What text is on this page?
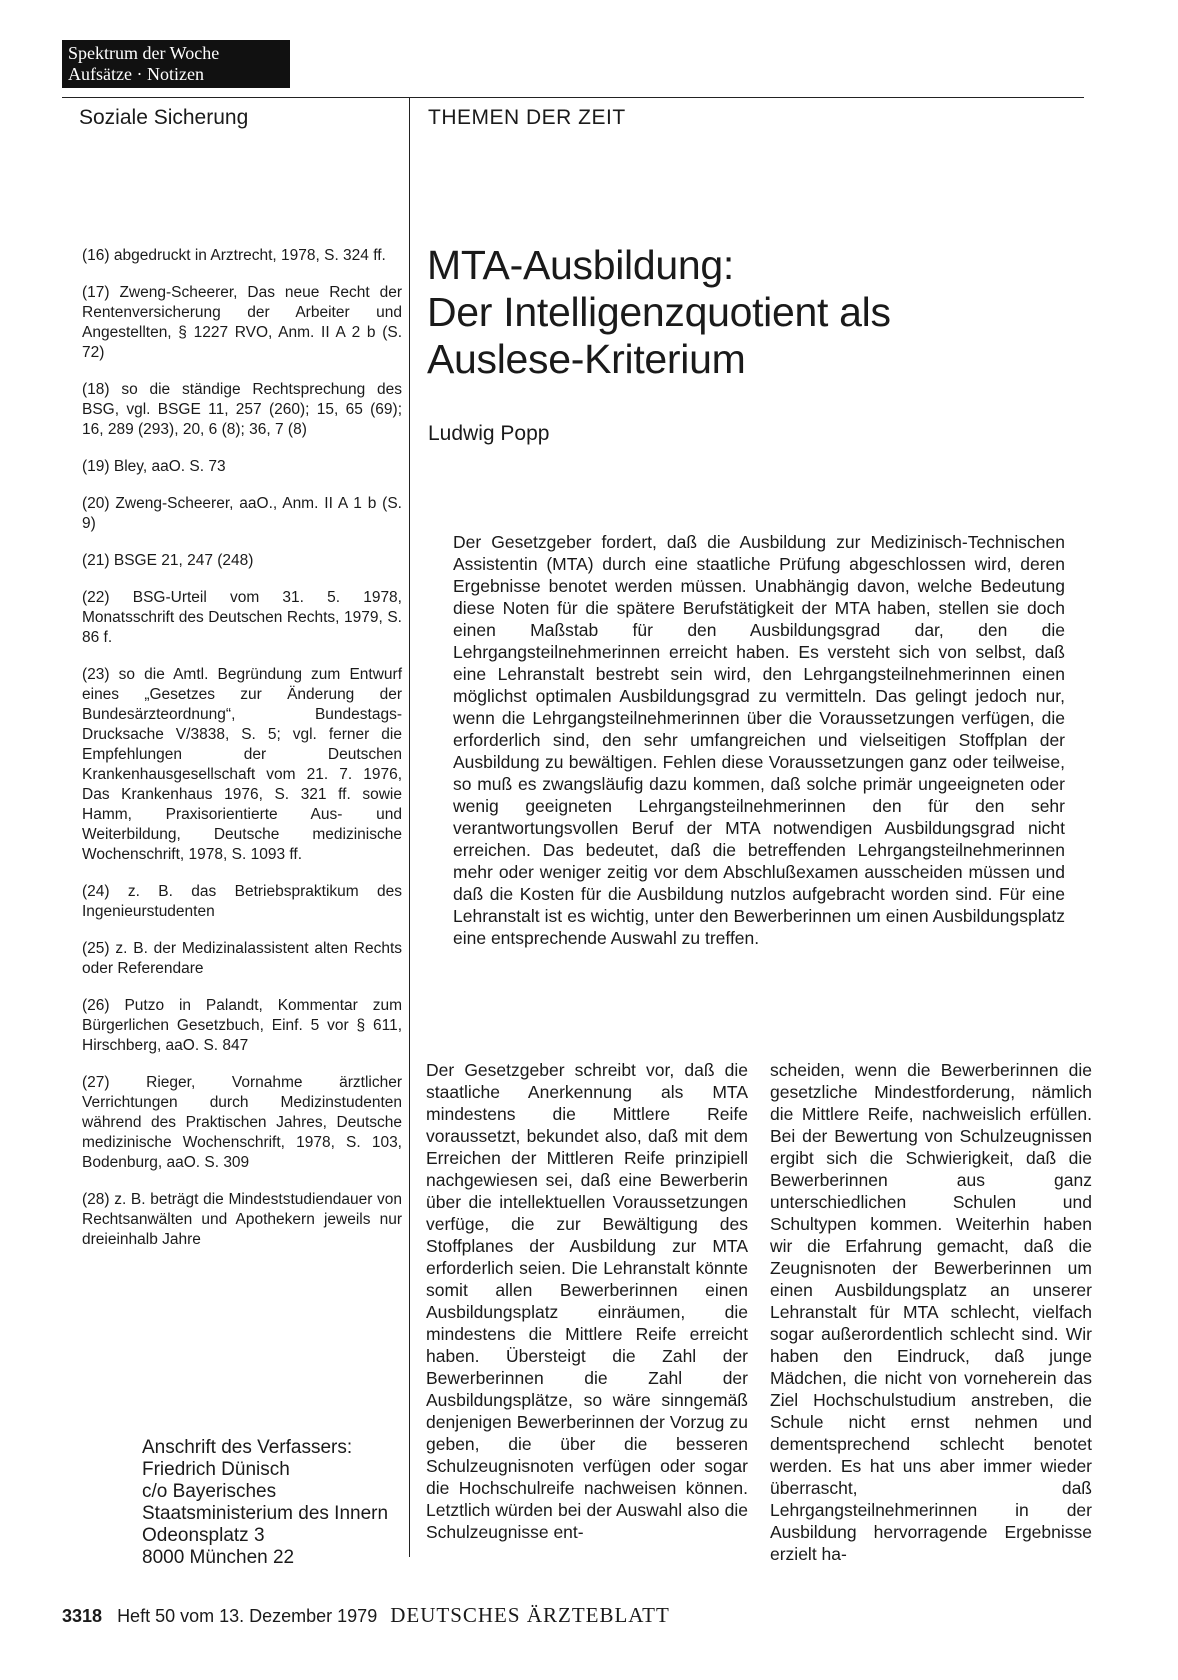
Spektrum der Woche
Aufsätze · Notizen
Soziale Sicherung	THEMEN DER ZEIT

(16) abgedruckt in Arztrecht, 1978, S. 324 ff.

(17) Zweng-Scheerer, Das neue Recht der Rentenversicherung der Arbeiter und Angestellten, § 1227 RVO, Anm. II A 2 b (S. 72)

(18) so die ständige Rechtsprechung des BSG, vgl. BSGE 11, 257 (260); 15, 65 (69); 16, 289 (293), 20, 6 (8); 36, 7 (8)

(19) Bley, aaO. S. 73

(20) Zweng-Scheerer, aaO., Anm. II A 1 b (S. 9)

(21) BSGE 21, 247 (248)

(22) BSG-Urteil vom 31. 5. 1978, Monatsschrift des Deutschen Rechts, 1979, S. 86 f.

(23) so die Amtl. Begründung zum Entwurf eines „Gesetzes zur Änderung der Bundesärzteordnung“, Bundestags-Drucksache V/3838, S. 5; vgl. ferner die Empfehlungen der Deutschen Krankenhausgesellschaft vom 21. 7. 1976, Das Krankenhaus 1976, S. 321 ff. sowie Hamm, Praxisorientierte Aus- und Weiterbildung, Deutsche medizinische Wochenschrift, 1978, S. 1093 ff.

(24) z. B. das Betriebspraktikum des Ingenieurstudenten

(25) z. B. der Medizinalassistent alten Rechts oder Referendare

(26) Putzo in Palandt, Kommentar zum Bürgerlichen Gesetzbuch, Einf. 5 vor § 611, Hirschberg, aaO. S. 847

(27) Rieger, Vornahme ärztlicher Verrichtungen durch Medizinstudenten während des Praktischen Jahres, Deutsche medizinische Wochenschrift, 1978, S. 103, Bodenburg, aaO. S. 309

(28) z. B. beträgt die Mindeststudiendauer von Rechtsanwälten und Apothekern jeweils nur dreieinhalb Jahre

Anschrift des Verfassers:
Friedrich Dünisch
c/o Bayerisches
Staatsministerium des Innern
Odeonsplatz 3
8000 München 22
MTA-Ausbildung:
Der Intelligenzquotient als
Auslese-Kriterium
Ludwig Popp
Der Gesetzgeber fordert, daß die Ausbildung zur Medizinisch-Technischen Assistentin (MTA) durch eine staatliche Prüfung abgeschlossen wird, deren Ergebnisse benotet werden müssen. Unabhängig davon, welche Bedeutung diese Noten für die spätere Berufstätigkeit der MTA haben, stellen sie doch einen Maßstab für den Ausbildungsgrad dar, den die Lehrgangsteilnehmerinnen erreicht haben. Es versteht sich von selbst, daß eine Lehranstalt bestrebt sein wird, den Lehrgangsteilnehmerinnen einen möglichst optimalen Ausbildungsgrad zu vermitteln. Das gelingt jedoch nur, wenn die Lehrgangsteilnehmerinnen über die Voraussetzungen verfügen, die erforderlich sind, den sehr umfangreichen und vielseitigen Stoffplan der Ausbildung zu bewältigen. Fehlen diese Voraussetzungen ganz oder teilweise, so muß es zwangsläufig dazu kommen, daß solche primär ungeeigneten oder wenig geeigneten Lehrgangsteilnehmerinnen den für den sehr verantwortungsvollen Beruf der MTA notwendigen Ausbildungsgrad nicht erreichen. Das bedeutet, daß die betreffenden Lehrgangsteilnehmerinnen mehr oder weniger zeitig vor dem Abschlußexamen ausscheiden müssen und daß die Kosten für die Ausbildung nutzlos aufgebracht worden sind. Für eine Lehranstalt ist es wichtig, unter den Bewerberinnen um einen Ausbildungsplatz eine entsprechende Auswahl zu treffen.
Der Gesetzgeber schreibt vor, daß die staatliche Anerkennung als MTA mindestens die Mittlere Reife voraussetzt, bekundet also, daß mit dem Erreichen der Mittleren Reife prinzipiell nachgewiesen sei, daß eine Bewerberin über die intellektuellen Voraussetzungen verfüge, die zur Bewältigung des Stoffplanes der Ausbildung zur MTA erforderlich seien. Die Lehranstalt könnte somit allen Bewerberinnen einen Ausbildungsplatz einräumen, die mindestens die Mittlere Reife erreicht haben. Übersteigt die Zahl der Bewerberinnen die Zahl der Ausbildungsplätze, so wäre sinngemäß denjenigen Bewerberinnen der Vorzug zu geben, die über die besseren Schulzeugnisnoten verfügen oder sogar die Hochschulreife nachweisen können. Letztlich würden bei der Auswahl also die Schulzeugnisse ent-
scheiden, wenn die Bewerberinnen die gesetzliche Mindestforderung, nämlich die Mittlere Reife, nachweislich erfüllen. Bei der Bewertung von Schulzeugnissen ergibt sich die Schwierigkeit, daß die Bewerberinnen aus ganz unterschiedlichen Schulen und Schultypen kommen. Weiterhin haben wir die Erfahrung gemacht, daß die Zeugnisnoten der Bewerberinnen um einen Ausbildungsplatz an unserer Lehranstalt für MTA schlecht, vielfach sogar außerordentlich schlecht sind. Wir haben den Eindruck, daß junge Mädchen, die nicht von vorneherein das Ziel Hochschulstudium anstreben, die Schule nicht ernst nehmen und dementsprechend schlecht benotet werden. Es hat uns aber immer wieder überrascht, daß Lehrgangsteilnehmerinnen in der Ausbildung hervorragende Ergebnisse erzielt ha-
3318 Heft 50 vom 13. Dezember 1979 DEUTSCHES ÄRZTEBLATT
